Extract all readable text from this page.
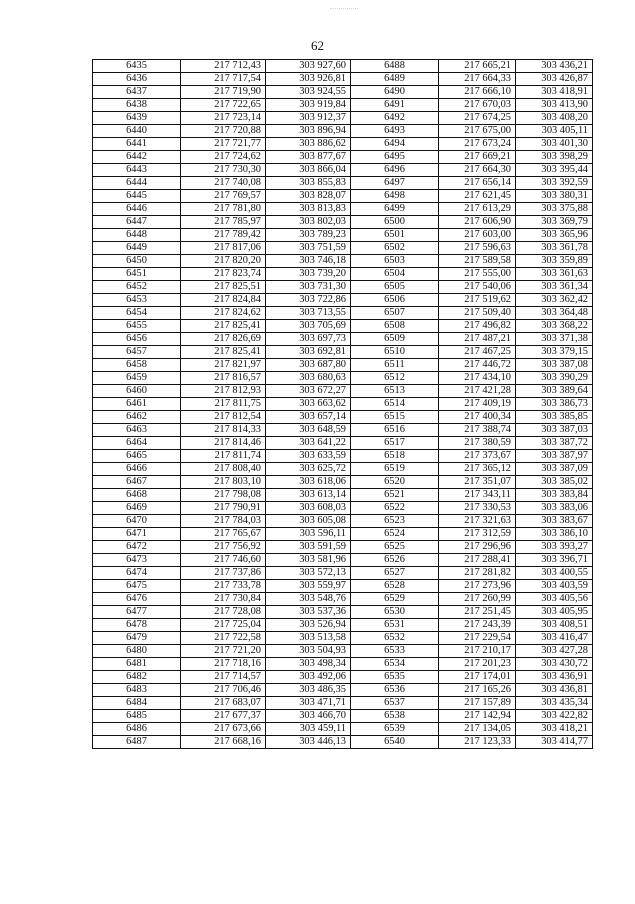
62
6435	217 712,43	303 927,60	6488	217 665,21	303 436,21
6436	217 717,54	303 926,81	6489	217 664,33	303 426,87
6437	217 719,90	303 924,55	6490	217 666,10	303 418,91
6438	217 722,65	303 919,84	6491	217 670,03	303 413,90
6439	217 723,14	303 912,37	6492	217 674,25	303 408,20
6440	217 720,88	303 896,94	6493	217 675,00	303 405,11
6441	217 721,77	303 886,62	6494	217 673,24	303 401,30
6442	217 724,62	303 877,67	6495	217 669,21	303 398,29
6443	217 730,30	303 866,04	6496	217 664,30	303 395,44
6444	217 740,08	303 855,83	6497	217 656,14	303 392,59
6445	217 769,57	303 828,07	6498	217 621,45	303 380,31
6446	217 781,80	303 813,83	6499	217 613,29	303 375,88
6447	217 785,97	303 802,03	6500	217 606,90	303 369,79
6448	217 789,42	303 789,23	6501	217 603,00	303 365,96
6449	217 817,06	303 751,59	6502	217 596,63	303 361,78
6450	217 820,20	303 746,18	6503	217 589,58	303 359,89
6451	217 823,74	303 739,20	6504	217 555,00	303 361,63
6452	217 825,51	303 731,30	6505	217 540,06	303 361,34
6453	217 824,84	303 722,86	6506	217 519,62	303 362,42
6454	217 824,62	303 713,55	6507	217 509,40	303 364,48
6455	217 825,41	303 705,69	6508	217 496,82	303 368,22
6456	217 826,69	303 697,73	6509	217 487,21	303 371,38
6457	217 825,41	303 692,81	6510	217 467,25	303 379,15
6458	217 821,97	303 687,80	6511	217 446,72	303 387,08
6459	217 816,57	303 680,63	6512	217 434,10	303 390,29
6460	217 812,93	303 672,27	6513	217 421,28	303 389,64
6461	217 811,75	303 663,62	6514	217 409,19	303 386,73
6462	217 812,54	303 657,14	6515	217 400,34	303 385,85
6463	217 814,33	303 648,59	6516	217 388,74	303 387,03
6464	217 814,46	303 641,22	6517	217 380,59	303 387,72
6465	217 811,74	303 633,59	6518	217 373,67	303 387,97
6466	217 808,40	303 625,72	6519	217 365,12	303 387,09
6467	217 803,10	303 618,06	6520	217 351,07	303 385,02
6468	217 798,08	303 613,14	6521	217 343,11	303 383,84
6469	217 790,91	303 608,03	6522	217 330,53	303 383,06
6470	217 784,03	303 605,08	6523	217 321,63	303 383,67
6471	217 765,67	303 596,11	6524	217 312,59	303 386,10
6472	217 756,92	303 591,59	6525	217 296,96	303 393,27
6473	217 746,60	303 581,96	6526	217 288,41	303 396,71
6474	217 737,86	303 572,13	6527	217 281,82	303 400,55
6475	217 733,78	303 559,97	6528	217 273,96	303 403,59
6476	217 730,84	303 548,76	6529	217 260,99	303 405,56
6477	217 728,08	303 537,36	6530	217 251,45	303 405,95
6478	217 725,04	303 526,94	6531	217 243,39	303 408,51
6479	217 722,58	303 513,58	6532	217 229,54	303 416,47
6480	217 721,20	303 504,93	6533	217 210,17	303 427,28
6481	217 718,16	303 498,34	6534	217 201,23	303 430,72
6482	217 714,57	303 492,06	6535	217 174,01	303 436,91
6483	217 706,46	303 486,35	6536	217 165,26	303 436,81
6484	217 683,07	303 471,71	6537	217 157,89	303 435,34
6485	217 677,37	303 466,70	6538	217 142,94	303 422,82
6486	217 673,66	303 459,11	6539	217 134,05	303 418,21
6487	217 668,16	303 446,13	6540	217 123,33	303 414,77
